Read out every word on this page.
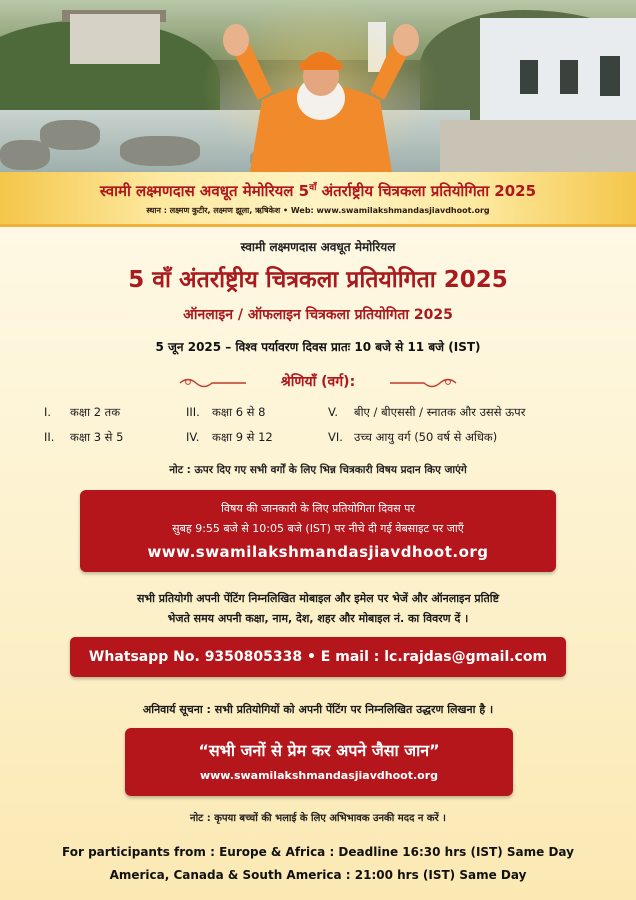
स्वामी लक्ष्मणदास अवधूत मेमोरियल $5^{वाँ}$ अंतर्राष्ट्रीय चित्रकला प्रतियोगिता 2025
स्थान : लक्ष्मण कुटीर, लक्ष्मण झूला, ऋषिकेश • Web: www.swamilakshmandasjiavdhoot.org
स्वामी लक्ष्मणदास अवधूत मेमोरियल
5 वाँ अंतर्राष्ट्रीय चित्रकला प्रतियोगिता 2025
ऑनलाइन / ऑफलाइन चित्रकला प्रतियोगिता 2025
5 जून 2025 – विश्व पर्यावरण दिवस प्रातः 10 बजे से 11 बजे (IST)
श्रेणियाँ (वर्ग):
I. कक्षा 2 तक
II. कक्षा 3 से 5
III. कक्षा 6 से 8
IV. कक्षा 9 से 12
V. बीए / बीएससी / स्नातक और उससे ऊपर
VI. उच्च आयु वर्ग (50 वर्ष से अधिक)
नोट : ऊपर दिए गए सभी वर्गों के लिए भिन्न चित्रकारी विषय प्रदान किए जाएंगे
विषय की जानकारी के लिए प्रतियोगिता दिवस पर
सुबह 9:55 बजे से 10:05 बजे (IST) पर नीचे दी गई वेबसाइट पर जाएँ
www.swamilakshmandasjiavdhoot.org
सभी प्रतियोगी अपनी पेंटिंग निम्नलिखित मोबाइल और इमेल पर भेजें और ऑनलाइन प्रतिष्टि
भेजते समय अपनी कक्षा, नाम, देश, शहर और मोबाइल नं. का विवरण दें ।
Whatsapp No. 9350805338 • E mail : lc.rajdas@gmail.com
अनिवार्य सूचना : सभी प्रतियोगियों को अपनी पेंटिंग पर निम्नलिखित उद्धरण लिखना है ।
“सभी जनों से प्रेम कर अपने जैसा जान”
www.swamilakshmandasjiavdhoot.org
नोट : कृपया बच्चों की भलाई के लिए अभिभावक उनकी मदद न करें ।
For participants from : Europe & Africa : Deadline 16:30 hrs (IST) Same Day
America, Canada & South America : 21:00 hrs (IST) Same Day
